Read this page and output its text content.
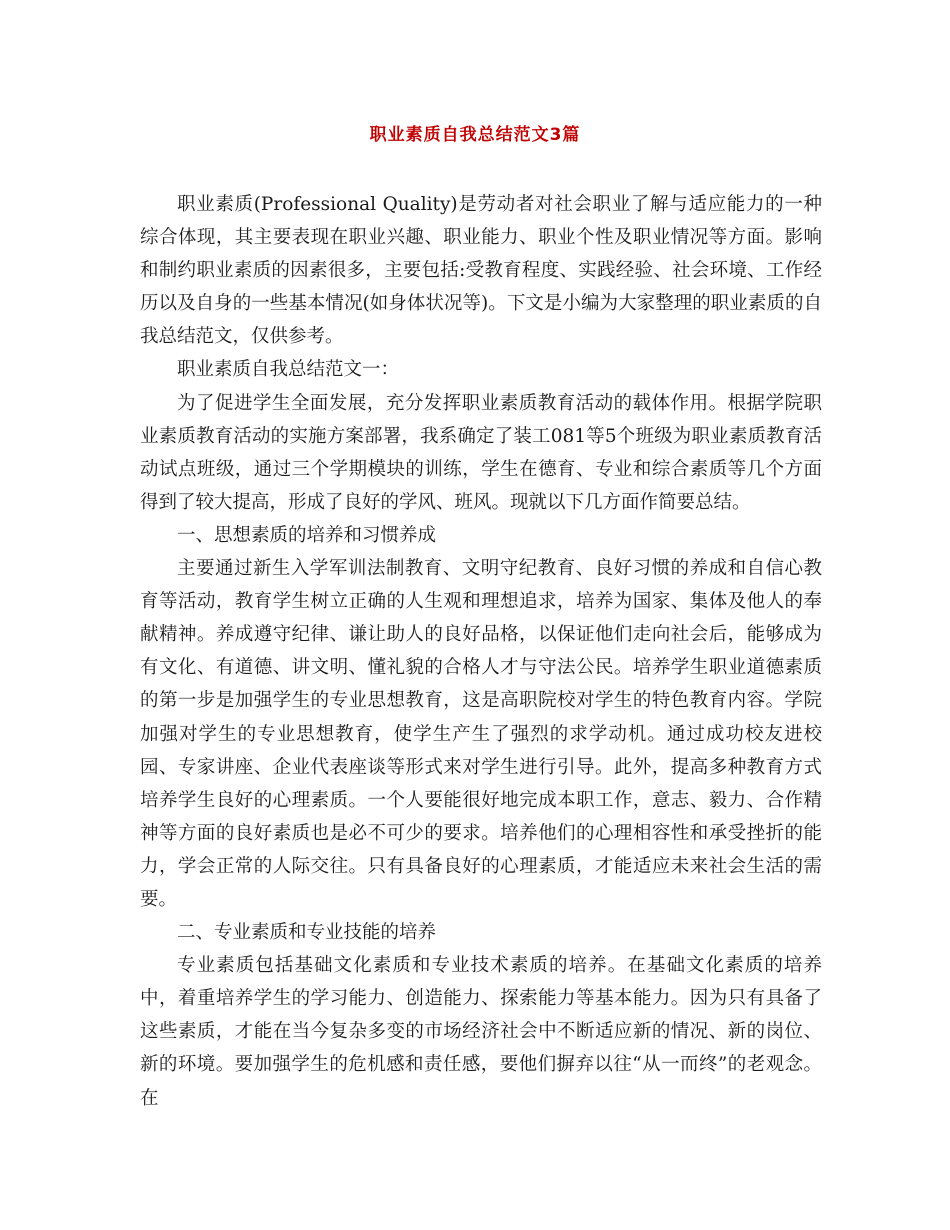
职业素质自我总结范文3篇

职业素质(Professional Quality)是劳动者对社会职业了解与适应能力的一种综合体现，其主要表现在职业兴趣、职业能力、职业个性及职业情况等方面。影响和制约职业素质的因素很多，主要包括:受教育程度、实践经验、社会环境、工作经历以及自身的一些基本情况(如身体状况等)。下文是小编为大家整理的职业素质的自我总结范文，仅供参考。

职业素质自我总结范文一：

为了促进学生全面发展，充分发挥职业素质教育活动的载体作用。根据学院职业素质教育活动的实施方案部署，我系确定了装工081等5个班级为职业素质教育活动试点班级，通过三个学期模块的训练，学生在德育、专业和综合素质等几个方面得到了较大提高，形成了良好的学风、班风。现就以下几方面作简要总结。

一、思想素质的培养和习惯养成

主要通过新生入学军训法制教育、文明守纪教育、良好习惯的养成和自信心教育等活动，教育学生树立正确的人生观和理想追求，培养为国家、集体及他人的奉献精神。养成遵守纪律、谦让助人的良好品格，以保证他们走向社会后，能够成为有文化、有道德、讲文明、懂礼貌的合格人才与守法公民。培养学生职业道德素质的第一步是加强学生的专业思想教育，这是高职院校对学生的特色教育内容。学院加强对学生的专业思想教育，使学生产生了强烈的求学动机。通过成功校友进校园、专家讲座、企业代表座谈等形式来对学生进行引导。此外，提高多种教育方式培养学生良好的心理素质。一个人要能很好地完成本职工作，意志、毅力、合作精神等方面的良好素质也是必不可少的要求。培养他们的心理相容性和承受挫折的能力，学会正常的人际交往。只有具备良好的心理素质，才能适应未来社会生活的需要。

二、专业素质和专业技能的培养

专业素质包括基础文化素质和专业技术素质的培养。在基础文化素质的培养中，着重培养学生的学习能力、创造能力、探索能力等基本能力。因为只有具备了这些素质，才能在当今复杂多变的市场经济社会中不断适应新的情况、新的岗位、新的环境。要加强学生的危机感和责任感，要他们摒弃以往“从一而终”的老观念。在
